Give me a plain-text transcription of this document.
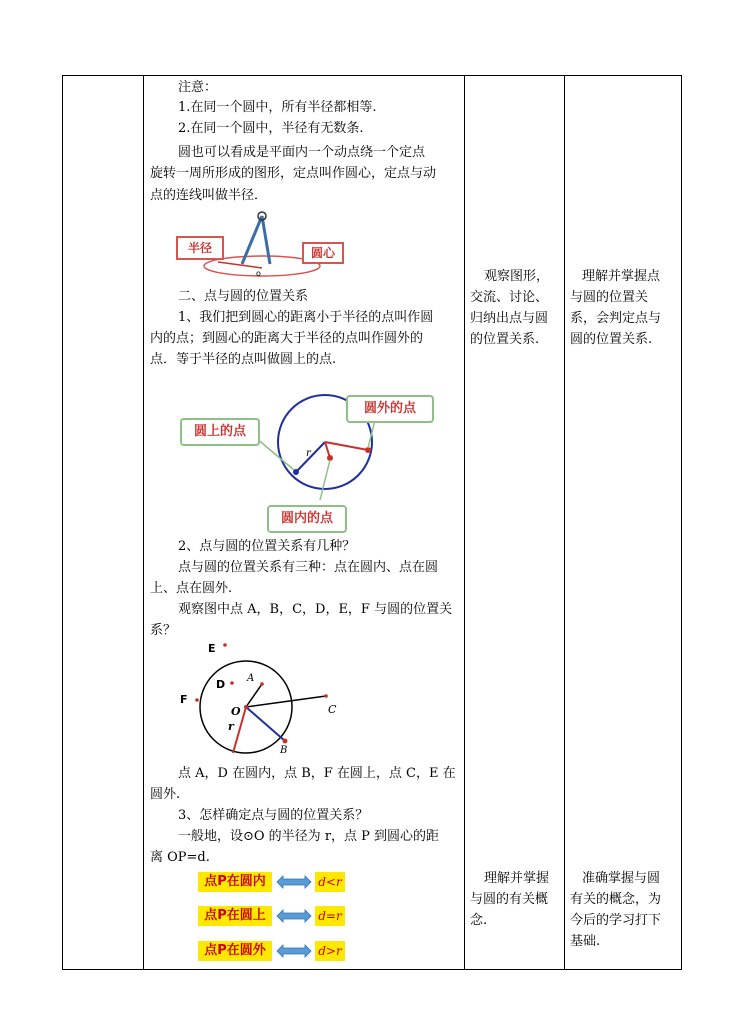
注意：
1.在同一个圆中，所有半径都相等.
2.在同一个圆中，半径有无数条.
圆也可以看成是平面内一个动点绕一个定点
旋转一周所形成的图形，定点叫作圆心，定点与动
点的连线叫做半径．
o
半径	圆心
二、点与圆的位置关系
1、我们把到圆心的距离小于半径的点叫作圆
内的点；到圆心的距离大于半径的点叫作圆外的
点．等于半径的点叫做圆上的点.
r
圆外的点
圆上的点
圆内的点
2、点与圆的位置关系有几种？
点与圆的位置关系有三种：点在圆内、点在圆
上、点在圆外.
观察图中点 A，B，C，D，E，F 与圆的位置关
系？
E
D A
F
O
r
C
B
点 A，D 在圆内，点 B，F 在圆上，点 C，E 在
圆外.
3、怎样确定点与圆的位置关系？
一般地，设⊙O 的半径为 r，点 P 到圆心的距
离 OP=d.
点P在圆内	d<r
点P在圆上	d=r
点P在圆外	d>r
观察图形，
交流、讨论、
归纳出点与圆
的位置关系.
理解并掌握
与圆的有关概
念.
理解并掌握点
与圆的位置关
系，会判定点与
圆的位置关系.
准确掌握与圆
有关的概念，为
今后的学习打下
基础.
